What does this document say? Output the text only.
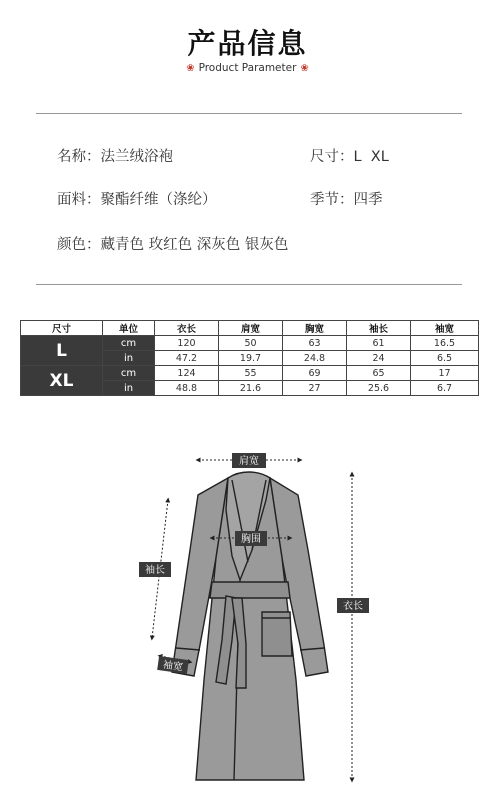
产品信息
❀ Product Parameter ❀
名称：法兰绒浴袍	尺寸：L  XL
面料：聚酯纤维（涤纶）	季节：四季
颜色：藏青色 玫红色 深灰色 银灰色
尺寸	单位	衣长	肩宽	胸宽	袖长	袖宽
L	cm	120	50	63	61	16.5
	in	47.2	19.7	24.8	24	6.5
XL	cm	124	55	69	65	17
	in	48.8	21.6	27	25.6	6.7
肩宽
胸围
袖长
袖宽
衣长
